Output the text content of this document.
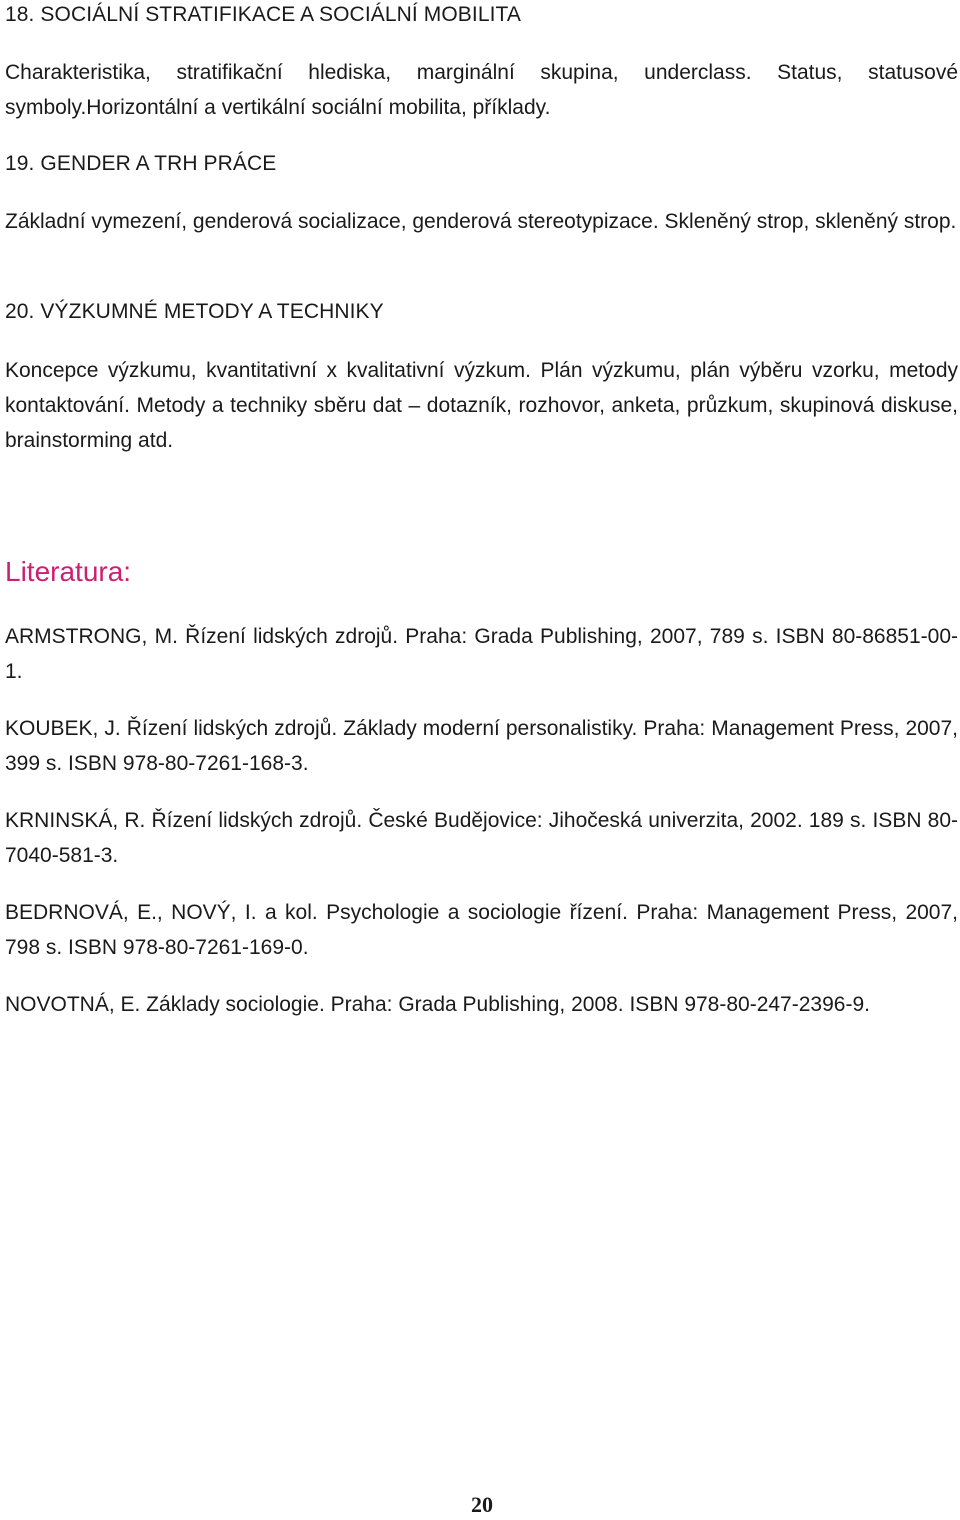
18. SOCIÁLNÍ STRATIFIKACE A SOCIÁLNÍ MOBILITA
Charakteristika, stratifikační hlediska, marginální skupina, underclass. Status, statusové symboly.Horizontální a vertikální sociální mobilita, příklady.
19. GENDER A TRH PRÁCE
Základní vymezení, genderová socializace, genderová stereotypizace. Skleněný strop, skleněný strop.
20. VÝZKUMNÉ METODY A TECHNIKY
Koncepce výzkumu, kvantitativní x kvalitativní výzkum. Plán výzkumu, plán výběru vzorku, metody kontaktování. Metody a techniky sběru dat – dotazník, rozhovor, anketa, průzkum, skupinová diskuse, brainstorming atd.
Literatura:

ARMSTRONG, M. Řízení lidských zdrojů. Praha: Grada Publishing, 2007, 789 s. ISBN 80-86851-00-1.

KOUBEK, J. Řízení lidských zdrojů. Základy moderní personalistiky. Praha: Management Press, 2007, 399 s. ISBN 978-80-7261-168-3.

KRNINSKÁ, R. Řízení lidských zdrojů. České Budějovice: Jihočeská univerzita, 2002. 189 s. ISBN 80-7040-581-3.

BEDRNOVÁ, E., NOVÝ, I. a kol. Psychologie a sociologie řízení. Praha: Management Press, 2007, 798 s. ISBN 978-80-7261-169-0.

NOVOTNÁ, E. Základy sociologie. Praha: Grada Publishing, 2008. ISBN 978-80-247-2396-9.

20
